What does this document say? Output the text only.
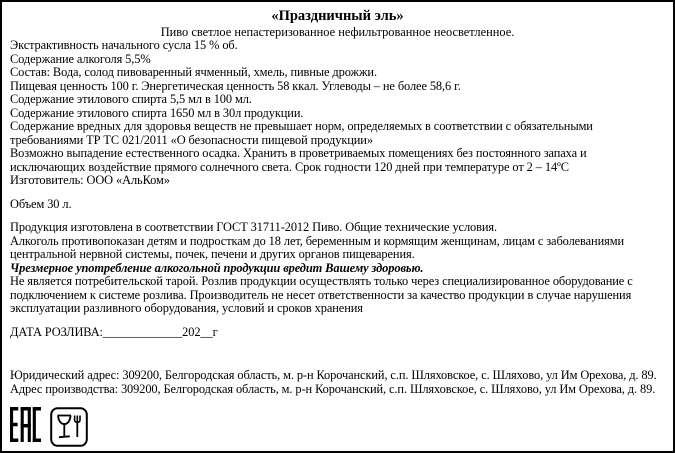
«Праздничный эль»

Пиво светлое непастеризованное нефильтрованное неосветленное.

Экстрактивность начального сусла 15 % об.

Содержание алкоголя 5,5%

Состав: Вода, солод пивоваренный ячменный, хмель, пивные дрожжи.

Пищевая ценность 100 г. Энергетическая ценность 58 ккал. Углеводы – не более 58,6 г.

Содержание этилового спирта 5,5 мл в 100 мл.

Содержание этилового спирта 1650 мл в 30л продукции.

Содержание вредных для здоровья веществ не превышает норм, определяемых в соответствии с обязательными

требованиями ТР ТС 021/2011 «О безопасности пищевой продукции»

Возможно выпадение естественного осадка. Хранить в проветриваемых помещениях без постоянного запаха и

исключающих воздействие прямого солнечного света. Срок годности 120 дней при температуре от 2 – 14ºС

Изготовитель: ООО «АльКом»

Объем 30 л.

Продукция изготовлена в соответствии ГОСТ 31711-2012 Пиво. Общие технические условия.

Алкоголь противопоказан детям и подросткам до 18 лет, беременным и кормящим женщинам, лицам с заболеваниями

центральной нервной системы, почек, печени и других органов пищеварения.

Чрезмерное употребление алкогольной продукции вредит Вашему здоровью.

Не является потребительской тарой. Розлив продукции осуществлять только через специализированное оборудование с

подключением к системе розлива. Производитель не несет ответственности за качество продукции в случае нарушения

эксплуатации разливного оборудования, условий и сроков хранения

ДАТА РОЗЛИВА:_____________202__г

Юридический адрес: 309200, Белгородская область, м. р-н Корочанский, с.п. Шляховское, с. Шляхово, ул Им Орехова, д. 89.

Адрес производства: 309200, Белгородская область, м. р-н Корочанский, с.п. Шляховское, с. Шляхово, ул Им Орехова, д. 89.
